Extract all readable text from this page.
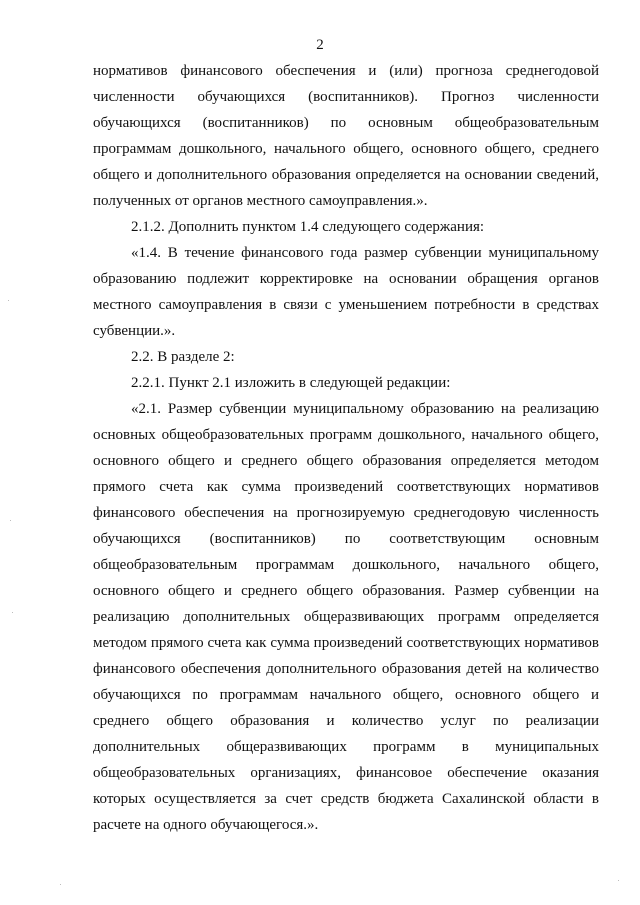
2

нормативов финансового обеспечения и (или) прогноза среднегодовой численности обучающихся (воспитанников). Прогноз численности обучающихся (воспитанников) по основным общеобразовательным программам дошкольного, начального общего, основного общего, среднего общего и дополнительного образования определяется на основании сведений, полученных от органов местного самоуправления.».

2.1.2. Дополнить пунктом 1.4 следующего содержания:

«1.4. В течение финансового года размер субвенции муниципальному образованию подлежит корректировке на основании обращения органов местного самоуправления в связи с уменьшением потребности в средствах субвенции.».

2.2. В разделе 2:

2.2.1. Пункт 2.1 изложить в следующей редакции:

«2.1. Размер субвенции муниципальному образованию на реализацию основных общеобразовательных программ дошкольного, начального общего, основного общего и среднего общего образования определяется методом прямого счета как сумма произведений соответствующих нормативов финансового обеспечения на прогнозируемую среднегодовую численность обучающихся (воспитанников) по соответствующим основным общеобразовательным программам дошкольного, начального общего, основного общего и среднего общего образования. Размер субвенции на реализацию дополнительных общеразвивающих программ определяется методом прямого счета как сумма произведений соответствующих нормативов финансового обеспечения дополнительного образования детей на количество обучающихся по программам начального общего, основного общего и среднего общего образования и количество услуг по реализации дополнительных общеразвивающих программ в муниципальных общеобразовательных организациях, финансовое обеспечение оказания которых осуществляется за счет средств бюджета Сахалинской области в расчете на одного обучающегося.».
